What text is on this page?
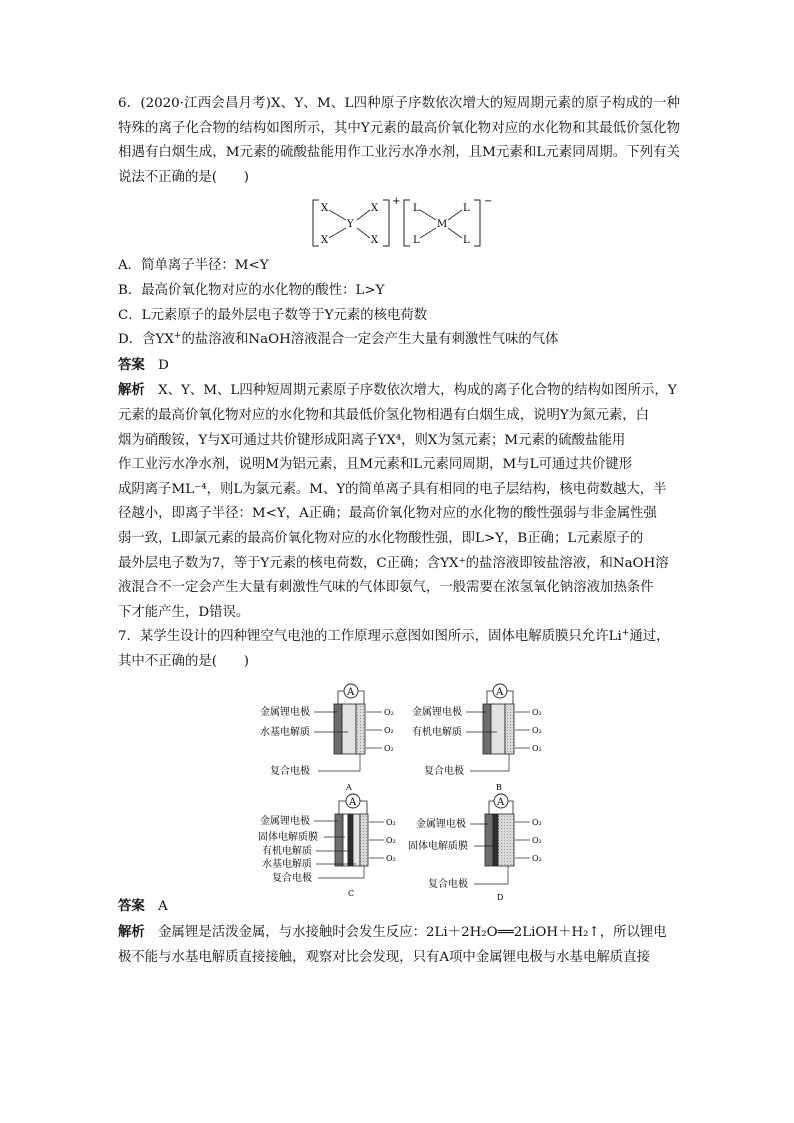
6．(2020·江西会昌月考)X、Y、M、L四种原子序数依次增大的短周期元素的原子构成的一种特殊的离子化合物的结构如图所示，其中Y元素的最高价氧化物对应的水化物和其最低价氢化物相遇有白烟生成，M元素的硫酸盐能用作工业污水净水剂，且M元素和L元素同周期。下列有关说法不正确的是(　　)

X	X
X	X
Y
+
L	L
L	L
M
−

A．简单离子半径：M<Y

B．最高价氧化物对应的水化物的酸性：L>Y

C．L元素原子的最外层电子数等于Y元素的核电荷数

D．含YX+的盐溶液和NaOH溶液混合一定会产生大量有刺激性气味的气体

答案　 D

解析　 X、Y、M、L四种短周期元素原子序数依次增大，构成的离子化合物的结构如图所示，Y

元素的最高价氧化物对应的水化物和其最低价氢化物相遇有白烟生成，说明Y为氮元素，白

烟为硝酸铵，Y与X可通过共价键形成阳离子YX⁴，则X为氢元素；M元素的硫酸盐能用

作工业污水净水剂，说明M为铝元素，且M元素和L元素同周期，M与L可通过共价键形

成阴离子ML⁻⁴，则L为氯元素。M、Y的简单离子具有相同的电子层结构，核电荷数越大，半

径越小，即离子半径：M<Y，A正确；最高价氧化物对应的水化物的酸性强弱与非金属性强

弱一致，L即氯元素的最高价氧化物对应的水化物酸性强，即L>Y，B正确；L元素原子的

最外层电子数为7，等于Y元素的核电荷数，C正确；含YX⁺的盐溶液即铵盐溶液，和NaOH溶

液混合不一定会产生大量有刺激性气味的气体即氨气，一般需要在浓氢氧化钠溶液加热条件

下才能产生，D错误。

7．某学生设计的四种锂空气电池的工作原理示意图如图所示，固体电解质膜只允许Li+通过，

其中不正确的是(　　)

A
金属锂电极
水基电解质
复合电极
O₂
O₂
O₂
A
A
金属锂电极
有机电解质
复合电极
O₂
O₂
O₂
B
A
金属锂电极
固体电解质膜
有机电解质
水基电解质
复合电极
O₂
O₂
O₂
C
A
金属锂电极
固体电解质膜
复合电极
O₂
O₂
O₂
D

答案　 A

解析　 金属锂是活泼金属，与水接触时会发生反应：2Li＋2H₂O══2LiOH＋H₂↑，所以锂电

极不能与水基电解质直接接触，观察对比会发现，只有A项中金属锂电极与水基电解质直接
